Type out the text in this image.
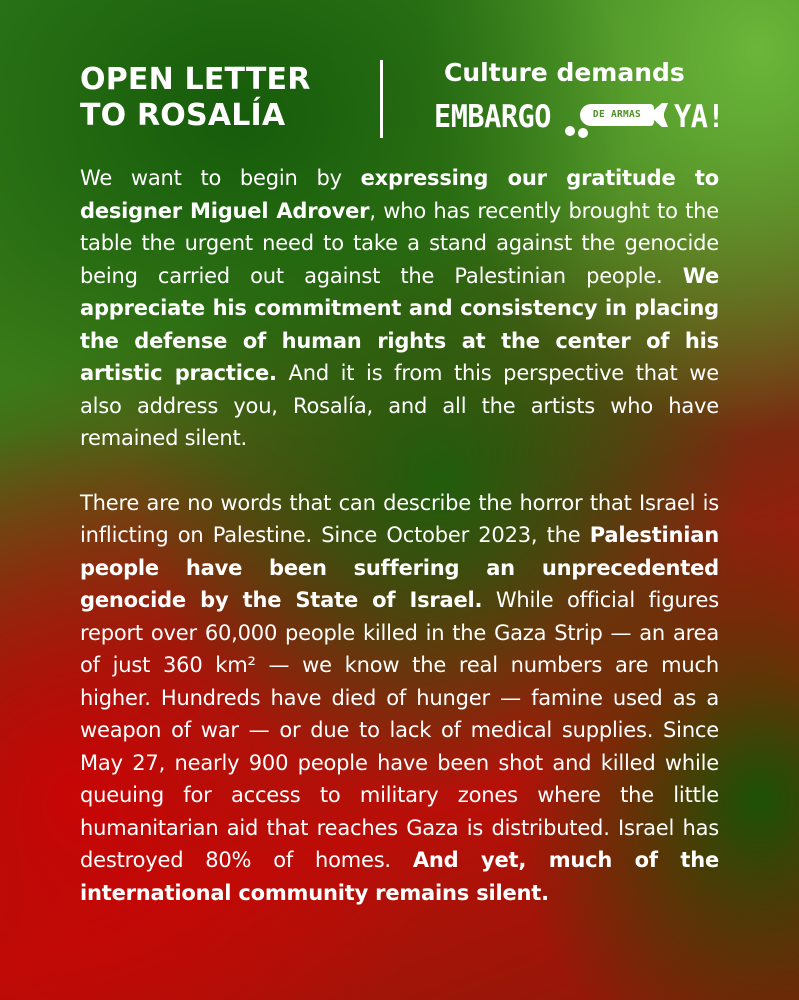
OPEN LETTER
TO ROSALÍA

Culture demands

EMBARGO	DE ARMAS	YA!

We want to begin by expressing our gratitude to designer Miguel Adrover, who has recently brought to the table the urgent need to take a stand against the genocide being carried out against the Palestinian people. We appreciate his commitment and consistency in placing the defense of human rights at the center of his artistic practice. And it is from this perspective that we also address you, Rosalía, and all the artists who have remained silent.

There are no words that can describe the horror that Israel is inflicting on Palestine. Since October 2023, the Palestinian people have been suffering an unprecedented genocide by the State of Israel. While official figures report over 60,000 people killed in the Gaza Strip — an area of just 360 km² — we know the real numbers are much higher. Hundreds have died of hunger — famine used as a weapon of war — or due to lack of medical supplies. Since May 27, nearly 900 people have been shot and killed while queuing for access to military zones where the little humanitarian aid that reaches Gaza is distributed. Israel has destroyed 80% of homes. And yet, much of the international community remains silent.
